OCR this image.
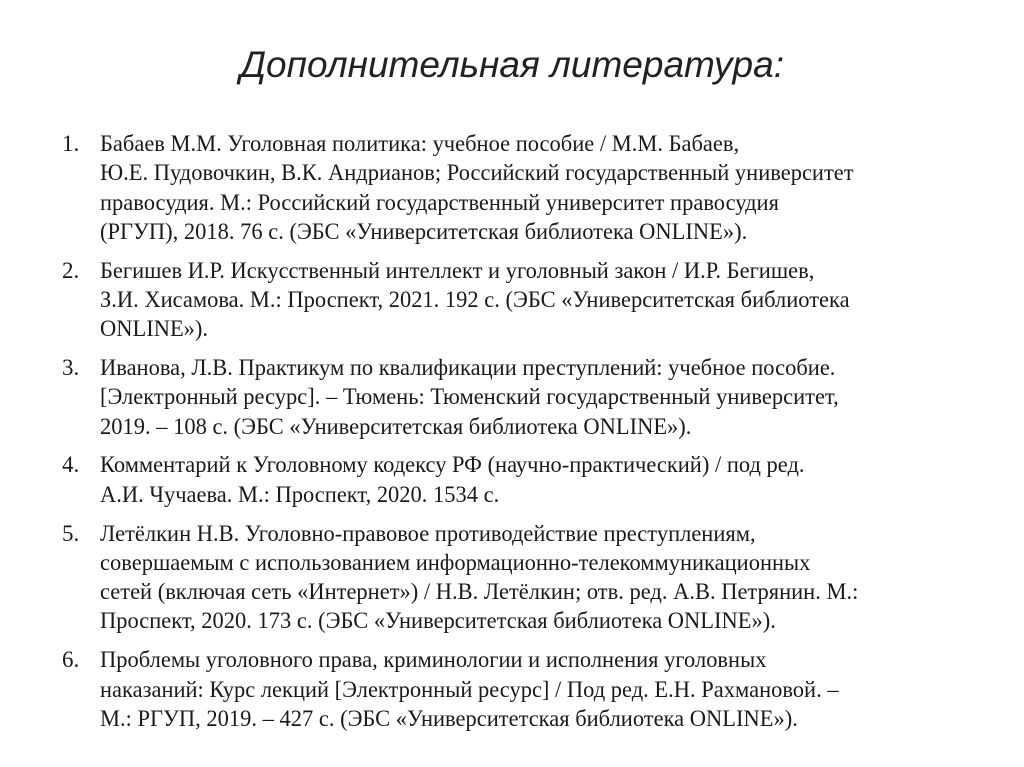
Дополнительная литература:
1. Бабаев М.М. Уголовная политика: учебное пособие / М.М. Бабаев,
Ю.Е. Пудовочкин, В.К. Андрианов; Российский государственный университет
правосудия. М.: Российский государственный университет правосудия
(РГУП), 2018. 76 с. (ЭБС «Университетская библиотека ONLINE»).
2. Бегишев И.Р. Искусственный интеллект и уголовный закон / И.Р. Бегишев,
З.И. Хисамова. М.: Проспект, 2021. 192 с. (ЭБС «Университетская библиотека
ONLINE»).
3. Иванова, Л.В. Практикум по квалификации преступлений: учебное пособие.
[Электронный ресурс]. – Тюмень: Тюменский государственный университет,
2019. – 108 с. (ЭБС «Университетская библиотека ONLINE»).
4. Комментарий к Уголовному кодексу РФ (научно-практический) / под ред.
А.И. Чучаева. М.: Проспект, 2020. 1534 с.
5. Летёлкин Н.В. Уголовно-правовое противодействие преступлениям,
совершаемым с использованием информационно-телекоммуникационных
сетей (включая сеть «Интернет») / Н.В. Летёлкин; отв. ред. А.В. Петрянин. М.:
Проспект, 2020. 173 с. (ЭБС «Университетская библиотека ONLINE»).
6. Проблемы уголовного права, криминологии и исполнения уголовных
наказаний: Курс лекций [Электронный ресурс] / Под ред. Е.Н. Рахмановой. –
М.: РГУП, 2019. – 427 с. (ЭБС «Университетская библиотека ONLINE»).
